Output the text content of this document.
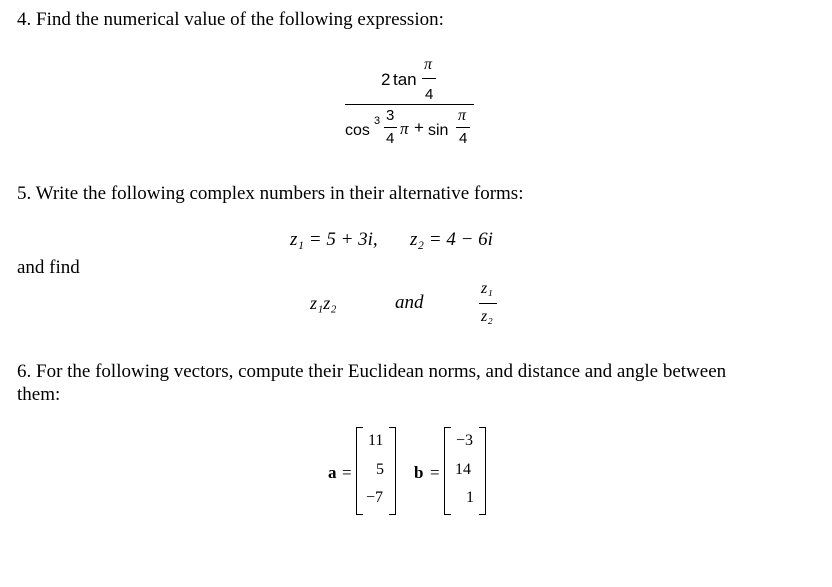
4. Find the numerical value of the following expression:
2 tan
π
4
cos
3 3
4
π + sin
π
4
5. Write the following complex numbers in their alternative forms:
z₁ = 5 + 3i, z₂ = 4 − 6i
and find
z₁z₂	and
z₁
z₂
6. For the following vectors, compute their Euclidean norms, and distance and angle between
them:
a =
11
5
−7
b =
−3
14
1
